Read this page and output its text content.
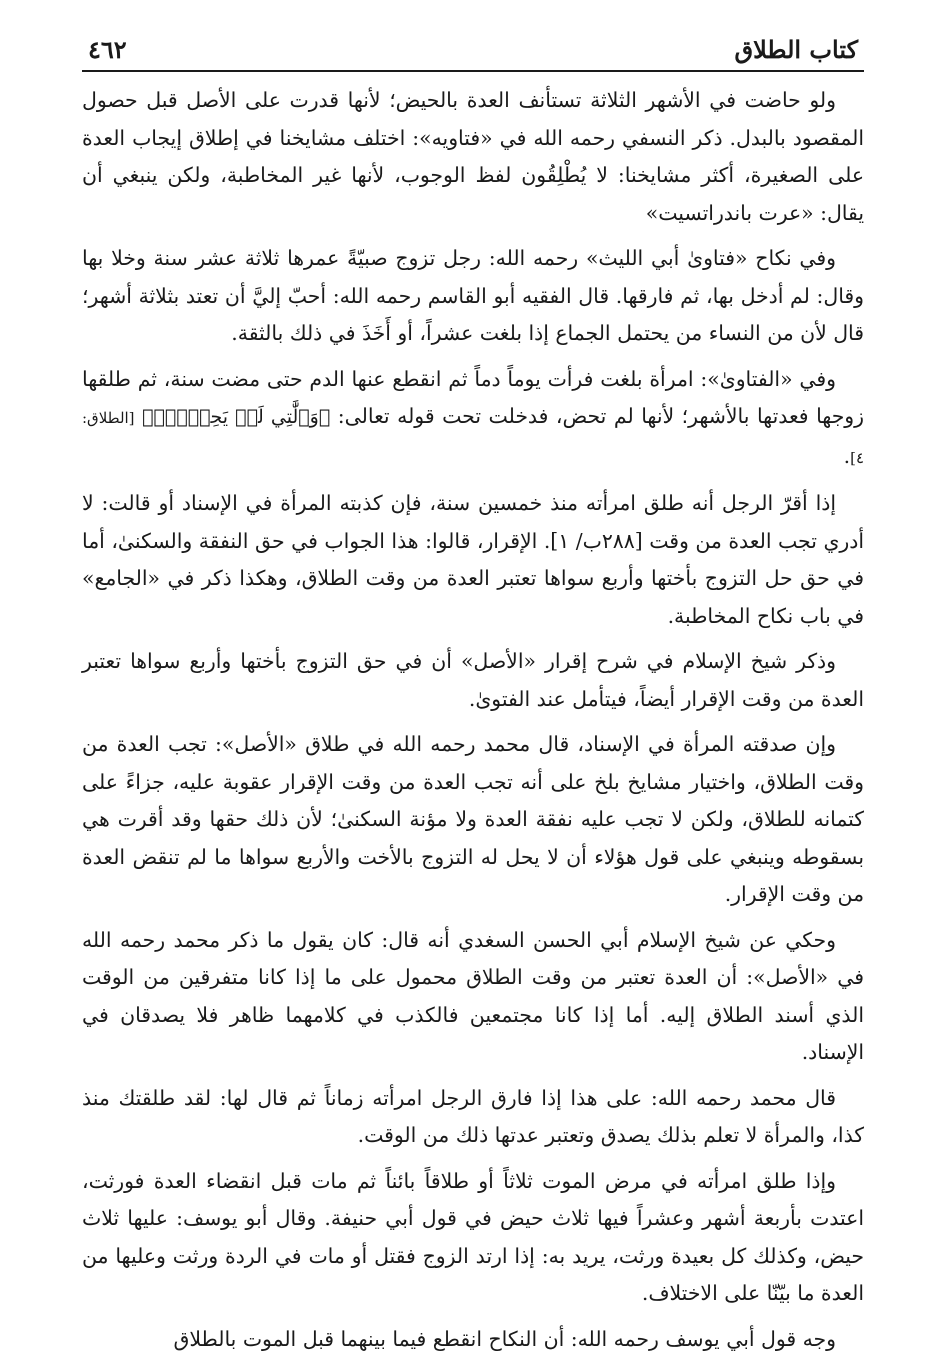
كتاب الطلاق
٤٦٢

ولو حاضت في الأشهر الثلاثة تستأنف العدة بالحيض؛ لأنها قدرت على الأصل قبل حصول المقصود بالبدل. ذكر النسفي رحمه الله في «فتاويه»: اختلف مشايخنا في إطلاق إيجاب العدة على الصغيرة، أكثر مشايخنا: لا يُطْلِقُون لفظ الوجوب، لأنها غير المخاطبة، ولكن ينبغي أن يقال: «عرت باندراتسيت»

وفي نكاح «فتاوىٰ أبي الليث» رحمه الله: رجل تزوج صبيّةً عمرها ثلاثة عشر سنة وخلا بها وقال: لم أدخل بها، ثم فارقها. قال الفقيه أبو القاسم رحمه الله: أحبّ إليَّ أن تعتد بثلاثة أشهر؛ قال لأن من النساء من يحتمل الجماع إذا بلغت عشراً، أو أَخَذَ في ذلك بالثقة.

وفي «الفتاوىٰ»: امرأة بلغت فرأت يوماً دماً ثم انقطع عنها الدم حتى مضت سنة، ثم طلقها زوجها فعدتها بالأشهر؛ لأنها لم تحض، فدخلت تحت قوله تعالى: ﴿وَٱلَّٰتِي لَمۡ يَحِضۡنَۚ﴾ [الطلاق: ٤].

إذا أقرّ الرجل أنه طلق امرأته منذ خمسين سنة، فإن كذبته المرأة في الإسناد أو قالت: لا أدري تجب العدة من وقت [٢٨٨ب/ ١]. الإقرار، قالوا: هذا الجواب في حق النفقة والسكنىٰ، أما في حق حل التزوج بأختها وأربع سواها تعتبر العدة من وقت الطلاق، وهكذا ذكر في «الجامع» في باب نكاح المخاطبة.

وذكر شيخ الإسلام في شرح إقرار «الأصل» أن في حق التزوج بأختها وأربع سواها تعتبر العدة من وقت الإقرار أيضاً، فيتأمل عند الفتوىٰ.

وإن صدقته المرأة في الإسناد، قال محمد رحمه الله في طلاق «الأصل»: تجب العدة من وقت الطلاق، واختيار مشايخ بلخ على أنه تجب العدة من وقت الإقرار عقوبة عليه، جزاءً على كتمانه للطلاق، ولكن لا تجب عليه نفقة العدة ولا مؤنة السكنىٰ؛ لأن ذلك حقها وقد أقرت هي بسقوطه وينبغي على قول هؤلاء أن لا يحل له التزوج بالأخت والأربع سواها ما لم تنقض العدة من وقت الإقرار.

وحكي عن شيخ الإسلام أبي الحسن السغدي أنه قال: كان يقول ما ذكر محمد رحمه الله في «الأصل»: أن العدة تعتبر من وقت الطلاق محمول على ما إذا كانا متفرقين من الوقت الذي أسند الطلاق إليه. أما إذا كانا مجتمعين فالكذب في كلامهما ظاهر فلا يصدقان في الإسناد.

قال محمد رحمه الله: على هذا إذا فارق الرجل امرأته زماناً ثم قال لها: لقد طلقتك منذ كذا، والمرأة لا تعلم بذلك يصدق وتعتبر عدتها ذلك من الوقت.

وإذا طلق امرأته في مرض الموت ثلاثاً أو طلاقاً بائناً ثم مات قبل انقضاء العدة فورثت، اعتدت بأربعة أشهر وعشراً فيها ثلاث حيض في قول أبي حنيفة. وقال أبو يوسف: عليها ثلاث حيض، وكذلك كل بعيدة ورثت، يريد به: إذا ارتد الزوج فقتل أو مات في الردة ورثت وعليها من العدة ما بيّنّا على الاختلاف.

وجه قول أبي يوسف رحمه الله: أن النكاح انقطع فيما بينهما قبل الموت بالطلاق
